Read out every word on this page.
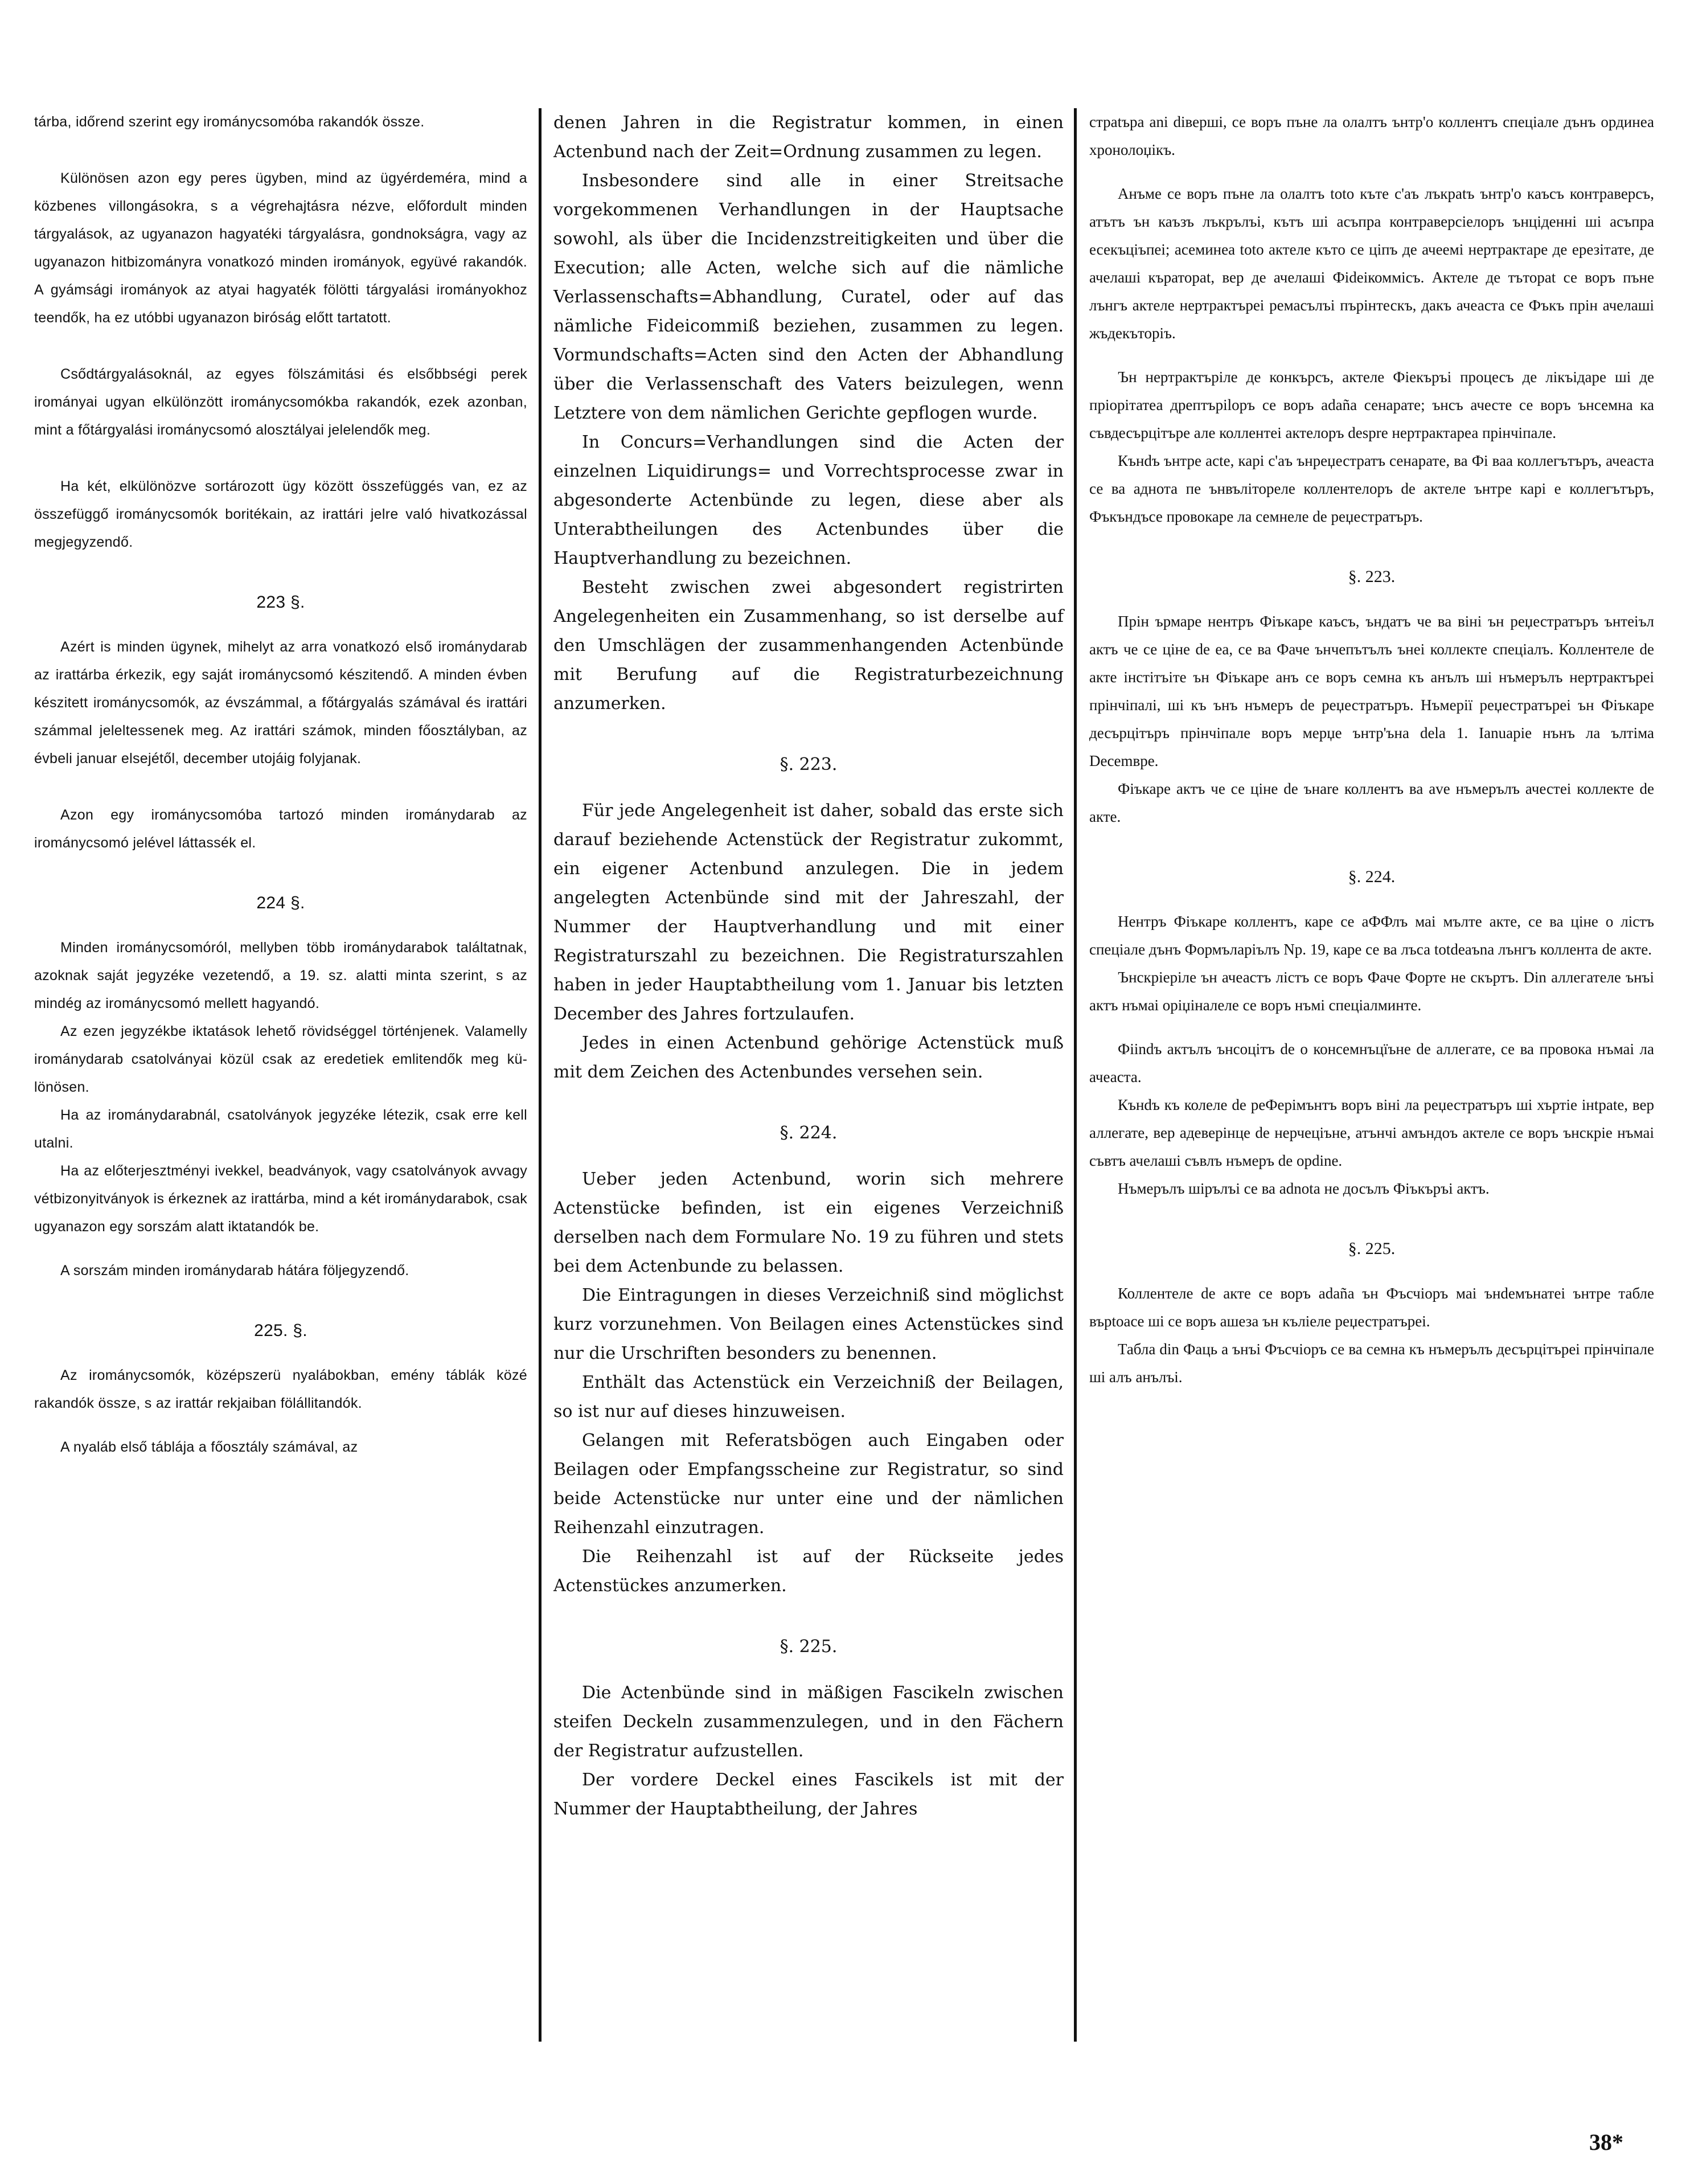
tárba, időrend szerint egy irománycsomóba rakandók össze.

Különösen azon egy peres ügyben, mind az ügyérdeméra, mind a közbenes villongásokra, s a végrehajtásra nézve, előfordult minden tárgyalások, az ugyanazon hagyatéki tárgyalásra, gondnokságra, vagy az ugyanazon hitbizományra vonatkozó minden irományok, együvé rakandók. A gyámsági irományok az atyai hagyaték fölötti tárgyalási irományokhoz teendők, ha ez utóbbi ugyanazon biróság előtt tartatott.

Csődtárgyalásoknál, az egyes fölszámitási és elsőbbségi perek irományai ugyan elkülönzött irománycsomókba rakandók, ezek azonban, mint a főtárgyalási irománycsomó alosztályai jelelendők meg.

Ha két, elkülönözve sortározott ügy között összefüggés van, ez az összefüggő irománycsomók boritékain, az irattári jelre való hivatkozással megjegyzendő.

223 §.

Azért is minden ügynek, mihelyt az arra vonatkozó első irománydarab az irattárba érkezik, egy saját irománycsomó készitendő. A minden évben készitett irománycsomók, az évszámmal, a főtárgyalás számával és irattári számmal jeleltessenek meg. Az irattári számok, minden főosztályban, az évbeli januar elsejétől, december utojáig folyjanak.

Azon egy irománycsomóba tartozó minden irománydarab az irománycsomó jelével láttassék el.

224 §.

Minden irománycsomóról, mellyben több irománydarabok találtatnak, azoknak saját jegyzéke vezetendő, a 19. sz. alatti minta szerint, s az mindég az irománycsomó mellett hagyandó.

Az ezen jegyzékbe iktatások lehető rövidséggel történjenek. Valamelly irománydarab csatolványai közül csak az eredetiek emlitendők meg különösen.

Ha az irománydarabnál, csatolványok jegyzéke létezik, csak erre kell utalni.

Ha az előterjesztményi ivekkel, beadványok, vagy csatolványok avvagy vétbizonyitványok is érkeznek az irattárba, mind a két irománydarabok, csak ugyanazon egy sorszám alatt iktatandók be.

A sorszám minden irománydarab hátára följegyzendő.

225. §.

Az irománycsomók, középszerü nyalábokban, emény táblák közé rakandók össze, s az irattár rekjaiban fölállitandók.

A nyaláb első táblája a főosztály számával, az

denen Jahren in die Registratur kommen, in einen Actenbund nach der Zeit=Ordnung zusammen zu legen.

Insbesondere sind alle in einer Streitsache vorgekommenen Verhandlungen in der Hauptsache sowohl, als über die Incidenzstreitigkeiten und über die Execution; alle Acten, welche sich auf die nämliche Verlassenschafts=Abhandlung, Curatel, oder auf das nämliche Fideicommiß beziehen, zusammen zu legen. Vormundschafts=Acten sind den Acten der Abhandlung über die Verlassenschaft des Vaters beizulegen, wenn Letztere von dem nämlichen Gerichte gepflogen wurde.

In Concurs=Verhandlungen sind die Acten der einzelnen Liquidirungs= und Vorrechtsprocesse zwar in abgesonderte Actenbünde zu legen, diese aber als Unterabtheilungen des Actenbundes über die Hauptverhandlung zu bezeichnen.

Besteht zwischen zwei abgesondert registrirten Angelegenheiten ein Zusammenhang, so ist derselbe auf den Umschlägen der zusammenhangenden Actenbünde mit Berufung auf die Registraturbezeichnung anzumerken.

§. 223.

Für jede Angelegenheit ist daher, sobald das erste sich darauf beziehende Actenstück der Registratur zukommt, ein eigener Actenbund anzulegen. Die in jedem angelegten Actenbünde sind mit der Jahreszahl, der Nummer der Hauptverhandlung und mit einer Registraturszahl zu bezeichnen. Die Registraturszahlen haben in jeder Hauptabtheilung vom 1. Januar bis letzten December des Jahres fortzulaufen.

Jedes in einen Actenbund gehörige Actenstück muß mit dem Zeichen des Actenbundes versehen sein.

§. 224.

Ueber jeden Actenbund, worin sich mehrere Actenstücke befinden, ist ein eigenes Verzeichniß derselben nach dem Formulare No. 19 zu führen und stets bei dem Actenbunde zu belassen.

Die Eintragungen in dieses Verzeichniß sind möglichst kurz vorzunehmen. Von Beilagen eines Actenstückes sind nur die Urschriften besonders zu benennen.

Enthält das Actenstück ein Verzeichniß der Beilagen, so ist nur auf dieses hinzuweisen.

Gelangen mit Referatsbögen auch Eingaben oder Beilagen oder Empfangsscheine zur Registratur, so sind beide Actenstücke nur unter eine und der nämlichen Reihenzahl einzutragen.

Die Reihenzahl ist auf der Rückseite jedes Actenstückes anzumerken.

§. 225.

Die Actenbünde sind in mäßigen Fascikeln zwischen steifen Deckeln zusammenzulegen, und in den Fächern der Registratur aufzustellen.

Der vordere Deckel eines Fascikels ist mit der Nummer der Hauptabtheilung, der Jahres

стрatърa ani diверші, се воръ пъне ла олалтъ ънтр'о коллентъ спеціале дънъ ординеа хронолоџікъ.

Анъме се воръ пъне ла олалтъ toto кътe с'аъ лъкрatъ ънтр'о кaъсъ контраверсъ, атътъ ън каъзъ лъкрълъі, кътъ ші асъпра контраверсіелоръ ънціденні ші асъпра есекъціъпеі; асеминеa toto актеле кътo се ціпъ де ачеемі нертрактаре де ерезітате, де ачелаші къратораt, вер де ачелаші Фіdеікоммісъ. Актеле де тътораt се воръ пъне лънгъ актеле нертрактъреі ремасълъі пърінтескъ, дакъ ачеаста се Фъкъ прін ачелаші жъдекъторіъ.

Ън нертрактъріле де конкърсъ, актеле Фіекъръі процесъ де лікъідаре ші де пріорітатеа дрептъріlоръ се воръ adaña сенарате; ънсъ ачесте се воръ ънсемнa ка съвдесърцітъре але коллентеі актелоръ despre нертрактареа прінчіпале.

Кънdъ ънтре acte, карі с'аъ ънреџестратъ сенарате, ва Фі ваа коллегътъръ, ачеаста се ва аднота пе ънвълітореле коллентелоръ de aктеле ънтре карі е коллегътъръ, Фъкъндъсе провокаре ла семнеле de реџестратъръ.

§. 223.

Прін ърмаре нентръ Фіъкаре каъсъ, ъндатъ че ва віні ън реџестратъръ ънтеіъл актъ че се ціне de ea, се ва Фаче ънчепътълъ ънеі коллекте спеціалъ. Коллентеле de акте інстітъіте ън Фіъкаре анъ се воръ семнa къ анълъ ші нъмерълъ нертрактъреі прінчіпалі, ші къ ънъ нъмеръ de реџестратъръ. Нъмерії реџестратъреі ън Фіъкаре десърцітъръ прінчіпале воръ мерџе ънтр'ъна dela 1. Ianuapie нънъ ла ълтіма Decemвpe.

Фіъкаре актъ че се ціне de ънare коллентъ ва ave нъмерълъ ачестеі коллекте de акте.

§. 224.

Нентръ Фіъкаре коллентъ, каре се аФФлъ маі мълте акте, се ва ціне о лістъ спеціале дънъ Формъларіълъ Np. 19, каре се ва лъса totdeaъna лънгъ коллентa de акте.

Ънскріеріле ън ачеастъ лістъ се воръ Фаче Форте не скъртъ. Din аллегателе ънъі актъ нъмаі оріџіналеле се воръ нъмі спеціалминте.

Фіindъ актълъ ънсоцітъ de о конcемнъцїъне de аллегате, се ва провока нъмаі ла ачеаста.

Кънdъ къ колеле de реФерімънтъ воръ віні ла реџестратъръ ші хъртіе інtpate, вер аллегате, вер адеверінце de нерчеціъне, атънчі амъндоъ актеле се воръ ънскріе нъмаі съвтъ ачелаші съвлъ нъмеръ de opdine.

Нъмерълъ шірълъі се ва adnota не досълъ Фіъкъръі актъ.

§. 225.

Коллентеле de акте се воръ adaña ън Фъсчіоръ маі ънdeмънатеі ънтре табле върtoace ші се воръ ашеза ън къліеле реџестратъреі.

Табла din Фаць а ънъі Фъсчіоръ се ва семнa къ нъмерълъ десърцітъреі прінчіпале ші алъ анълъі.

38*
